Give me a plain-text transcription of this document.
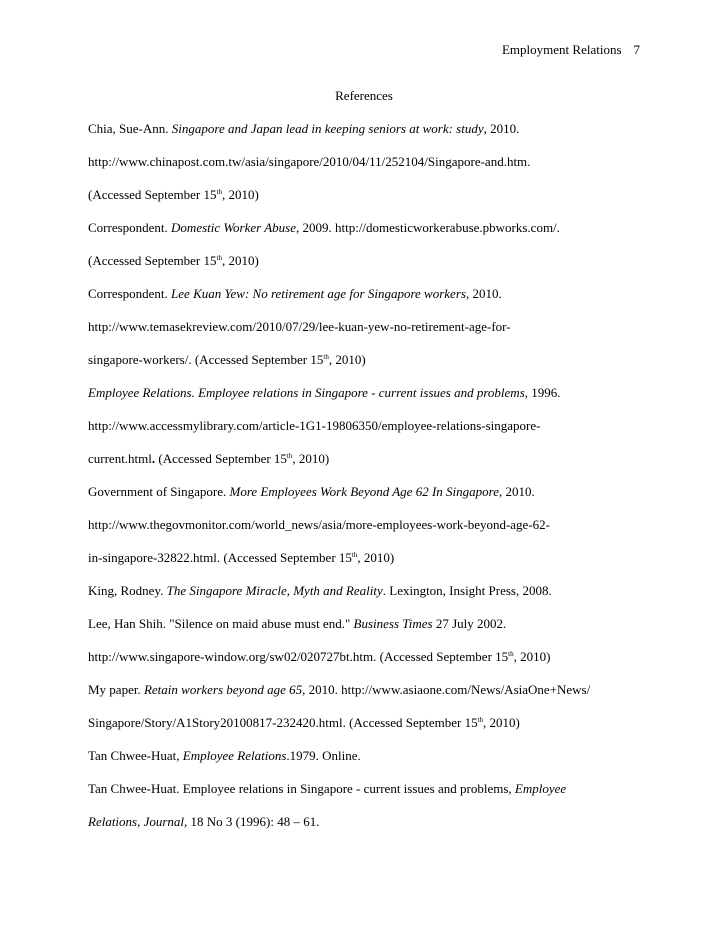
Employment Relations 7
References
Chia, Sue-Ann. Singapore and Japan lead in keeping seniors at work: study, 2010.
http://www.chinapost.com.tw/asia/singapore/2010/04/11/252104/Singapore-and.htm.
(Accessed September 15th, 2010)
Correspondent. Domestic Worker Abuse, 2009. http://domesticworkerabuse.pbworks.com/.
(Accessed September 15th, 2010)
Correspondent. Lee Kuan Yew: No retirement age for Singapore workers, 2010.
http://www.temasekreview.com/2010/07/29/lee-kuan-yew-no-retirement-age-for-
singapore-workers/. (Accessed September 15th, 2010)
Employee Relations. Employee relations in Singapore - current issues and problems, 1996.
http://www.accessmylibrary.com/article-1G1-19806350/employee-relations-singapore-
current.html. (Accessed September 15th, 2010)
Government of Singapore. More Employees Work Beyond Age 62 In Singapore, 2010.
http://www.thegovmonitor.com/world_news/asia/more-employees-work-beyond-age-62-
in-singapore-32822.html. (Accessed September 15th, 2010)
King, Rodney. The Singapore Miracle, Myth and Reality. Lexington, Insight Press, 2008.
Lee, Han Shih. "Silence on maid abuse must end." Business Times 27 July 2002.
http://www.singapore-window.org/sw02/020727bt.htm. (Accessed September 15th, 2010)
My paper. Retain workers beyond age 65, 2010. http://www.asiaone.com/News/AsiaOne+News/
Singapore/Story/A1Story20100817-232420.html. (Accessed September 15th, 2010)
Tan Chwee-Huat, Employee Relations.1979. Online.
Tan Chwee-Huat. Employee relations in Singapore - current issues and problems, Employee
Relations, Journal, 18 No 3 (1996): 48 – 61.
